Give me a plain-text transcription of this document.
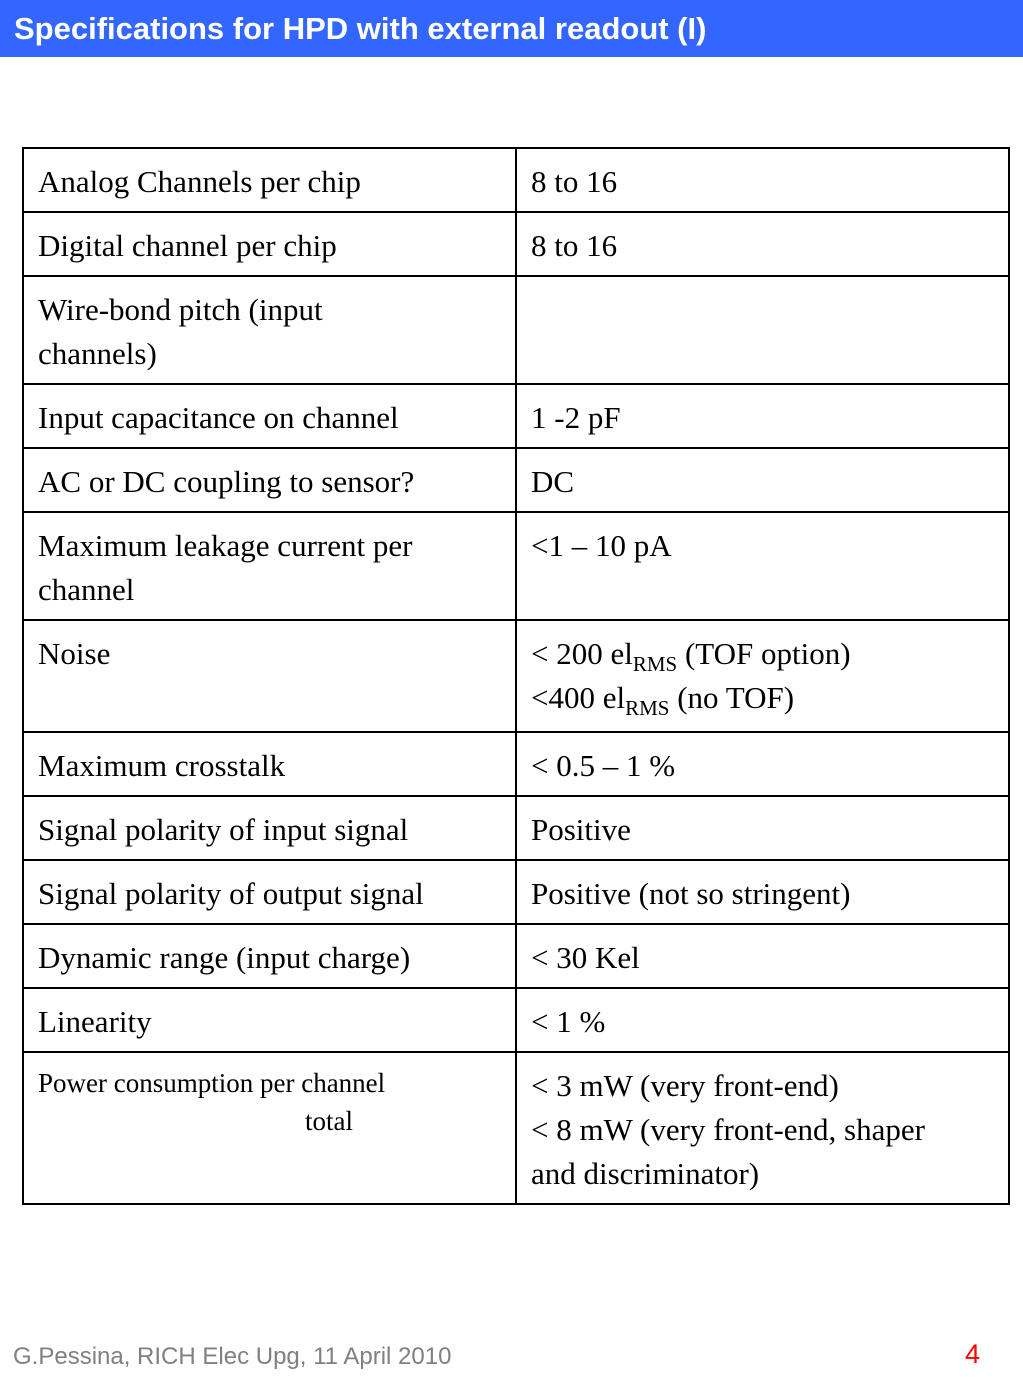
Specifications for HPD with external readout (I)
Analog Channels per chip	8 to 16
Digital channel per chip	8 to 16

Wire-bond pitch (input
channels)	

Input capacitance on channel	1 -2 pF
AC or DC coupling to sensor?	DC

Maximum leakage current per
channel	<1 – 10 pA
Noise	< 200 $el_{RMS}$ (TOF option)
<400 $el_{RMS}$ (no TOF)

Maximum crosstalk	< 0.5 – 1 %
Signal polarity of input signal	Positive
Signal polarity of output signal	Positive (not so stringent)
Dynamic range (input charge)	< 30 Kel
Linearity	< 1 %

Power consumption per channel
total	< 3 mW (very front-end)
< 8 mW (very front-end, shaper
and discriminator)
G.Pessina, RICH Elec Upg, 11 April 2010	4
